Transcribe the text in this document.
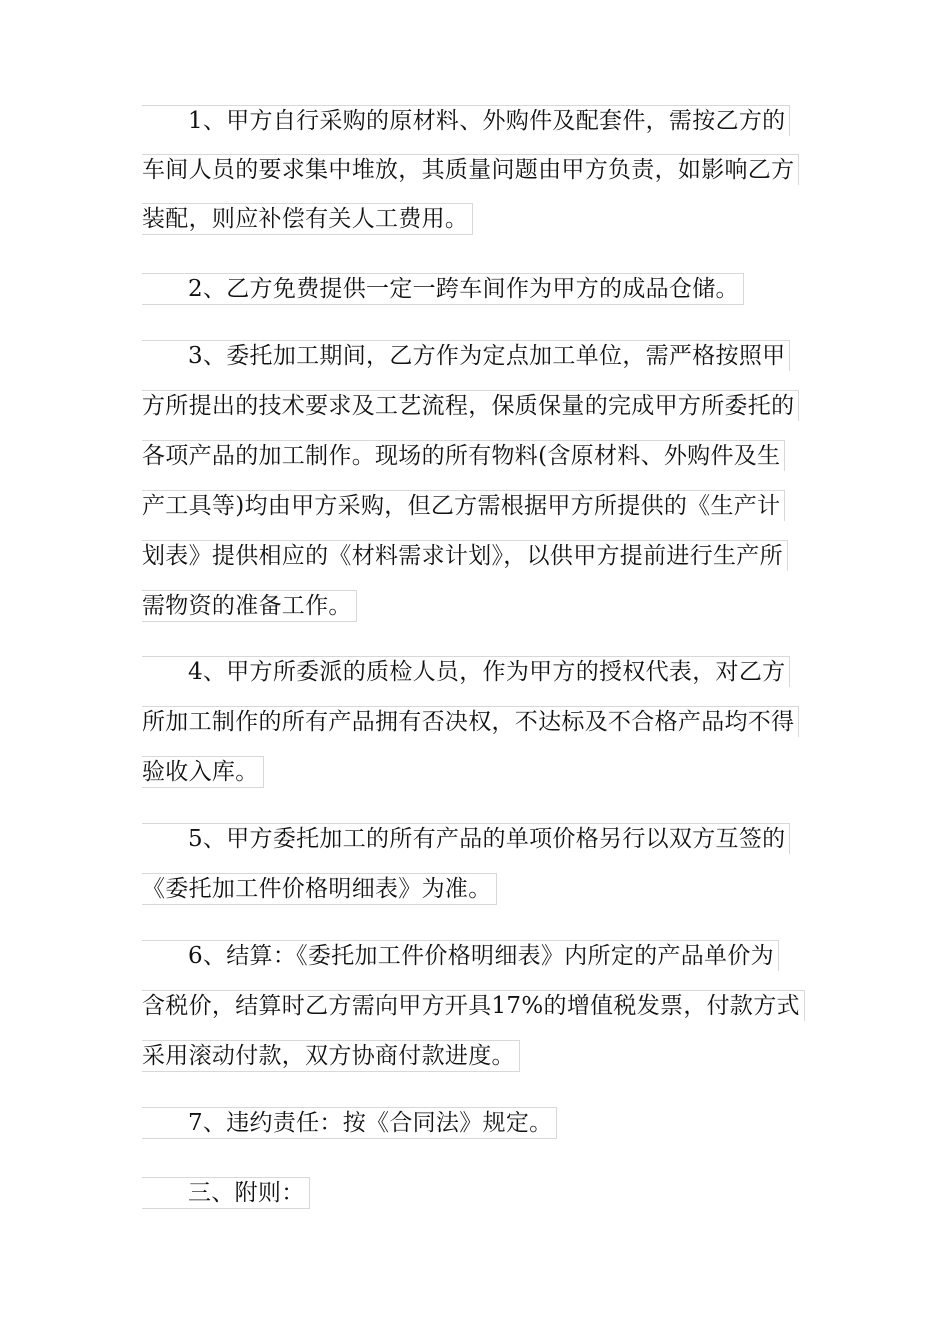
1、甲方自行采购的原材料、外购件及配套件，需按乙方的
车间人员的要求集中堆放，其质量问题由甲方负责，如影响乙方
装配，则应补偿有关人工费用。
2、乙方免费提供一定一跨车间作为甲方的成品仓储。
3、委托加工期间，乙方作为定点加工单位，需严格按照甲
方所提出的技术要求及工艺流程，保质保量的完成甲方所委托的
各项产品的加工制作。现场的所有物料(含原材料、外购件及生
产工具等)均由甲方采购，但乙方需根据甲方所提供的《生产计
划表》提供相应的《材料需求计划》，以供甲方提前进行生产所
需物资的准备工作。
4、甲方所委派的质检人员，作为甲方的授权代表，对乙方
所加工制作的所有产品拥有否决权，不达标及不合格产品均不得
验收入库。
5、甲方委托加工的所有产品的单项价格另行以双方互签的
《委托加工件价格明细表》为准。
6、结算：《委托加工件价格明细表》内所定的产品单价为
含税价，结算时乙方需向甲方开具17%的增值税发票，付款方式
采用滚动付款，双方协商付款进度。
7、违约责任：按《合同法》规定。
三、附则：
